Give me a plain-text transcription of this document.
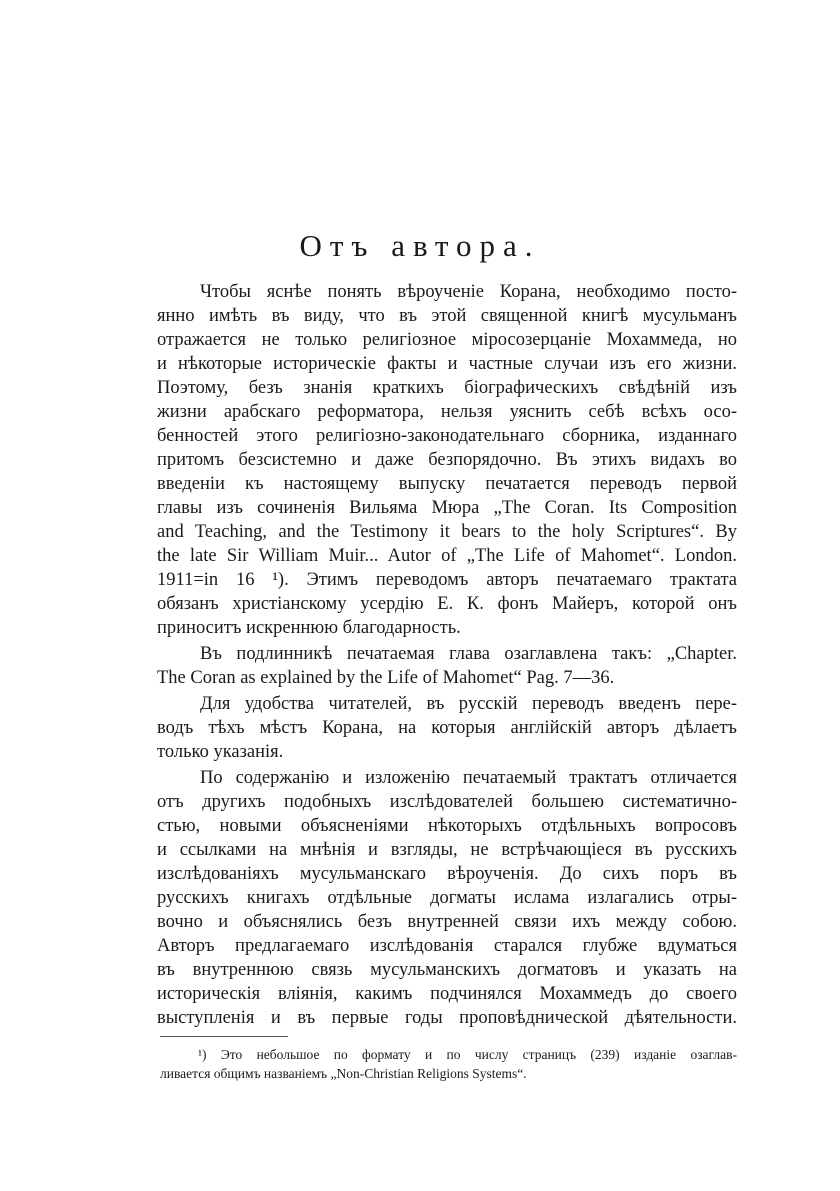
Отъ автора.
Чтобы яснѣе понять вѣроученіе Корана, необходимо посто-
янно имѣть въ виду, что въ этой священной книгѣ мусульманъ
отражается не только религіозное міросозерцаніе Мохаммеда, но
и нѣкоторые историческіе факты и частные случаи изъ его жизни.
Поэтому, безъ знанія краткихъ біографическихъ свѣдѣній изъ
жизни арабскаго реформатора, нельзя уяснить себѣ всѣхъ осо-
бенностей этого религіозно-законодательнаго сборника, изданнаго
притомъ безсистемно и даже безпорядочно. Въ этихъ видахъ во
введеніи къ настоящему выпуску печатается переводъ первой
главы изъ сочиненія Вильяма Мюра „The Coran. Its Composition
and Teaching, and the Testimony it bears to the holy Scriptures“. By
the late Sir William Muir... Autor of „The Life of Mahomet“. London.
1911=in 16 ¹). Этимъ переводомъ авторъ печатаемаго трактата
обязанъ христіанскому усердію Е. К. фонъ Майеръ, которой онъ
приноситъ искреннюю благодарность.
Въ подлинникѣ печатаемая глава озаглавлена такъ: „Chapter.
The Coran as explained by the Life of Mahomet“ Pag. 7—36.
Для удобства читателей, въ русскій переводъ введенъ пере-
водъ тѣхъ мѣстъ Корана, на которыя англійскій авторъ дѣлаетъ
только указанія.
По содержанію и изложенію печатаемый трактатъ отличается
отъ другихъ подобныхъ изслѣдователей большею систематично-
стью, новыми объясненіями нѣкоторыхъ отдѣльныхъ вопросовъ
и ссылками на мнѣнія и взгляды, не встрѣчающіеся въ русскихъ
изслѣдованіяхъ мусульманскаго вѣроученія. До сихъ поръ въ
русскихъ книгахъ отдѣльные догматы ислама излагались отры-
вочно и объяснялись безъ внутренней связи ихъ между собою.
Авторъ предлагаемаго изслѣдованія старался глубже вдуматься
въ внутреннюю связь мусульманскихъ догматовъ и указать на
историческія вліянія, какимъ подчинялся Мохаммедъ до своего
выступленія и въ первые годы проповѣднической дѣятельности.
¹) Это небольшое по формату и по числу страницъ (239) изданіе озаглав-
ливается общимъ названіемъ „Non-Christian Religions Systems“.
